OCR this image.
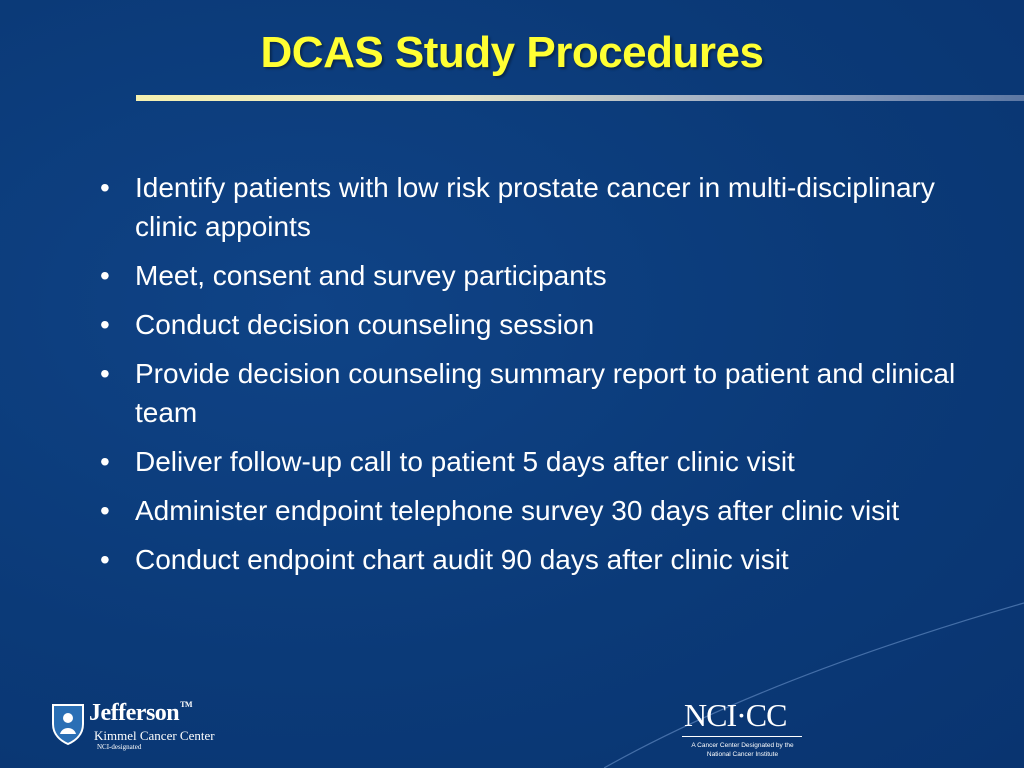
DCAS Study Procedures
• Identify patients with low risk prostate cancer in multi-disciplinary clinic appoints
• Meet, consent and survey participants
• Conduct decision counseling session
• Provide decision counseling summary report to patient and clinical team
• Deliver follow-up call to patient 5 days after clinic visit
• Administer endpoint telephone survey 30 days after clinic visit
• Conduct endpoint chart audit 90 days after clinic visit
Jefferson™
Kimmel Cancer Center
NCI-designated
NCI·CC
A Cancer Center Designated by the
National Cancer Institute
